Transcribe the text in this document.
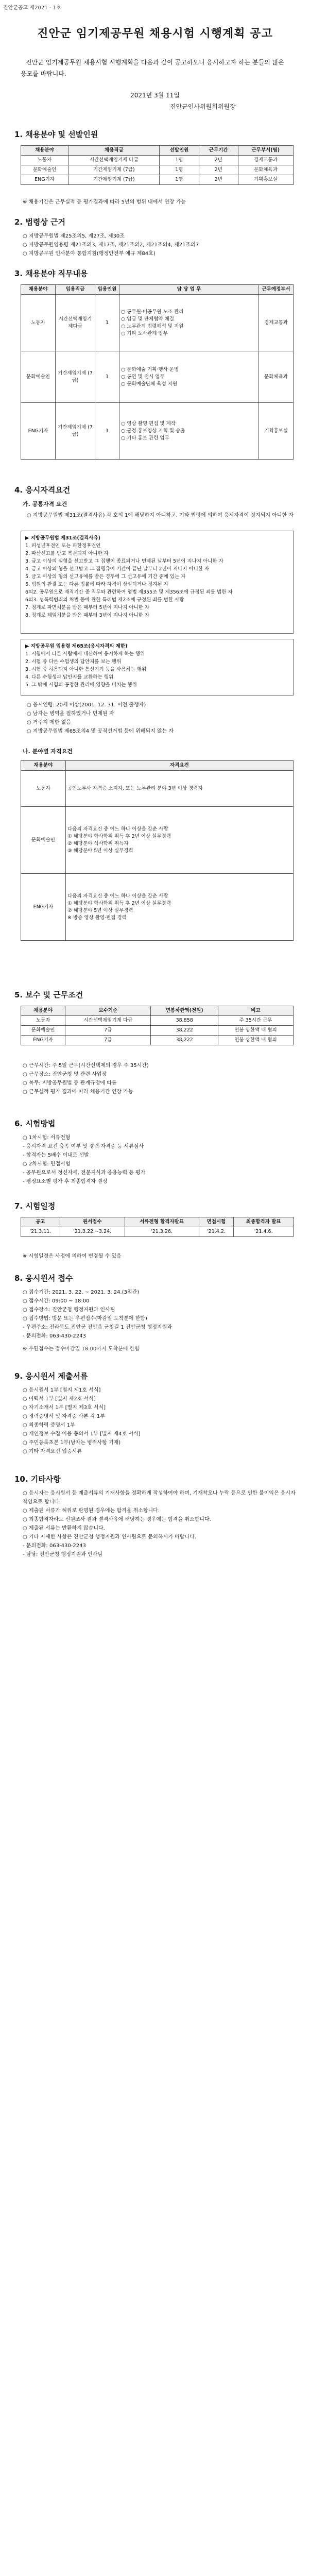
진안군공고 제2021 - 1호
진안군 임기제공무원 채용시험 시행계획 공고
진안군 임기제공무원 채용시험 시행계획을 다음과 같이 공고하오니 응시하고자 하는 분들의 많은 응모를 바랍니다.
2021년 3월 11일
진안군인사위원회위원장
1. 채용분야 및 선발인원
채용분야	채용직급	선발인원	근무기간	근무부서(팀)
노동자	시간선택제임기제 다급	1명	2년	경제교통과
문화예술인	기간제임기제 (7급)	1명	2년	문화체육과
ENG기자	기간제임기제 (7급)	1명	2년	기획홍보실
※ 채용기간은 근무실적 등 평가결과에 따라 5년의 범위 내에서 연장 가능
2. 법령상 근거
○ 지방공무원법 제25조의5, 제27조, 제30조
○ 지방공무원임용령 제21조의3, 제17조, 제21조의2, 제21조의4, 제21조의7
○ 지방공무원 인사분야 통합지침(행정안전부 예규 제84호)
3. 채용분야 직무내용
채용분야	임용직급	임용인원	담 당 업 무	근무예정부서
노동자	시간선택제임기제다급	1	○ 공무원·비공무원 노조 관리
○ 임금 및 단체협약 체결
○ 노무관계 법령해석 및 지원
○ 기타 노사관계 업무	경제교통과
문화예술인	기간제임기제 (7급)	1	○ 문화예술 기획·행사 운영
○ 공연 및 전시 업무
○ 문화예술단체 육성 지원	문화체육과
ENG기자	기간제임기제 (7급)	1	○ 영상 촬영·편집 및 제작
○ 군정 홍보영상 기획 및 송출
○ 기타 홍보 관련 업무	기획홍보실
4. 응시자격요건
가. 공통자격 요건
○ 지방공무원법 제31조(결격사유) 각 호의 1에 해당하지 아니하고, 기타 법령에 의하여 응시자격이 정지되지 아니한 자
▶ 지방공무원법 제31조(결격사유)
1. 피성년후견인 또는 피한정후견인
2. 파산선고를 받고 복권되지 아니한 자
3. 금고 이상의 실형을 선고받고 그 집행이 종료되거나 면제된 날부터 5년이 지나지 아니한 자
4. 금고 이상의 형을 선고받고 그 집행유예 기간이 끝난 날부터 2년이 지나지 아니한 자
5. 금고 이상의 형의 선고유예를 받은 경우에 그 선고유예 기간 중에 있는 자
6. 법원의 판결 또는 다른 법률에 따라 자격이 상실되거나 정지된 자
6의2. 공무원으로 재직기간 중 직무와 관련하여 형법 제355조 및 제356조에 규정된 죄를 범한 자
6의3. 성폭력범죄의 처벌 등에 관한 특례법 제2조에 규정된 죄를 범한 사람
7. 징계로 파면처분을 받은 때부터 5년이 지나지 아니한 자
8. 징계로 해임처분을 받은 때부터 3년이 지나지 아니한 자
▶ 지방공무원 임용령 제65조(응시자격의 제한)
1. 시험에서 다른 사람에게 대신하여 응시하게 하는 행위
2. 시험 중 다른 수험생의 답안지를 보는 행위
3. 시험 중 허용되지 아니한 통신기기 등을 사용하는 행위
4. 다른 수험생과 답안지를 교환하는 행위
5. 그 밖에 시험의 공정한 관리에 영향을 미치는 행위
○ 응시연령: 20세 이상(2001. 12. 31. 이전 출생자)
○ 남자는 병역을 필하였거나 면제된 자
○ 거주지 제한 없음
○ 지방공무원법 제65조의4 및 공직선거법 등에 위배되지 않는 자
나. 분야별 자격요건
채용분야	자격요건
노동자	공인노무사 자격증 소지자, 또는 노무관리 분야 3년 이상 경력자
문화예술인	다음의 자격요건 중 어느 하나 이상을 갖춘 사람
① 해당분야 학사학위 취득 후 2년 이상 실무경력
② 해당분야 석사학위 취득자
③ 해당분야 5년 이상 실무경력
ENG기자	다음의 자격요건 중 어느 하나 이상을 갖춘 사람
① 해당분야 학사학위 취득 후 2년 이상 실무경력
② 해당분야 5년 이상 실무경력
※ 방송 영상 촬영·편집 경력
5. 보수 및 근무조건
채용분야	보수기준	연봉하한액(천원)	비고
노동자	시간선택제임기제 다급	38,858	주 35시간 근무
문화예술인	7급	38,222	연봉 상한액 내 협의
ENG기자	7급	38,222	연봉 상한액 내 협의
○ 근무시간: 주 5일 근무(시간선택제의 경우 주 35시간)
○ 근무장소: 진안군청 및 관련 사업장
○ 복무: 지방공무원법 등 관계규정에 따름
○ 근무실적 평가 결과에 따라 채용기간 연장 가능
6. 시험방법
○ 1차시험: 서류전형
- 응시자격 요건 충족 여부 및 경력·자격증 등 서류심사
- 합격자는 5배수 이내로 선발
○ 2차시험: 면접시험
- 공무원으로서 정신자세, 전문지식과 응용능력 등 평가
- 평정요소별 평가 후 최종합격자 결정
7. 시험일정
공고	원서접수	서류전형 합격자발표	면접시험	최종합격자 발표
'21.3.11.	'21.3.22.~3.24.	'21.3.26.	'21.4.2.	'21.4.6.
※ 시험일정은 사정에 의하여 변경될 수 있음
8. 응시원서 접수
○ 접수기간: 2021. 3. 22. ~ 2021. 3. 24.(3일간)
○ 접수시간: 09:00 ~ 18:00
○ 접수장소: 진안군청 행정지원과 인사팀
○ 접수방법: 방문 또는 우편접수(마감일 도착분에 한함)
- 우편주소: 전라북도 진안군 진안읍 군청길 1 진안군청 행정지원과
- 문의전화: 063-430-2243
※ 우편접수는 접수마감일 18:00까지 도착분에 한함
9. 응시원서 제출서류
○ 응시원서 1부 [별지 제1호 서식]
○ 이력서 1부 [별지 제2호 서식]
○ 자기소개서 1부 [별지 제3호 서식]
○ 경력증명서 및 자격증 사본 각 1부
○ 최종학력 증명서 1부
○ 개인정보 수집·이용 동의서 1부 [별지 제4호 서식]
○ 주민등록초본 1부(남자는 병적사항 기재)
○ 기타 자격요건 입증서류
10. 기타사항
○ 응시자는 응시원서 등 제출서류의 기재사항을 정확하게 작성하여야 하며, 기재착오나 누락 등으로 인한 불이익은 응시자 책임으로 합니다.
○ 제출된 서류가 허위로 판명된 경우에는 합격을 취소합니다.
○ 최종합격자라도 신원조사 결과 결격사유에 해당하는 경우에는 합격을 취소합니다.
○ 제출된 서류는 반환하지 않습니다.
○ 기타 자세한 사항은 진안군청 행정지원과 인사팀으로 문의하시기 바랍니다.
- 문의전화: 063-430-2243
- 담당: 진안군청 행정지원과 인사팀
